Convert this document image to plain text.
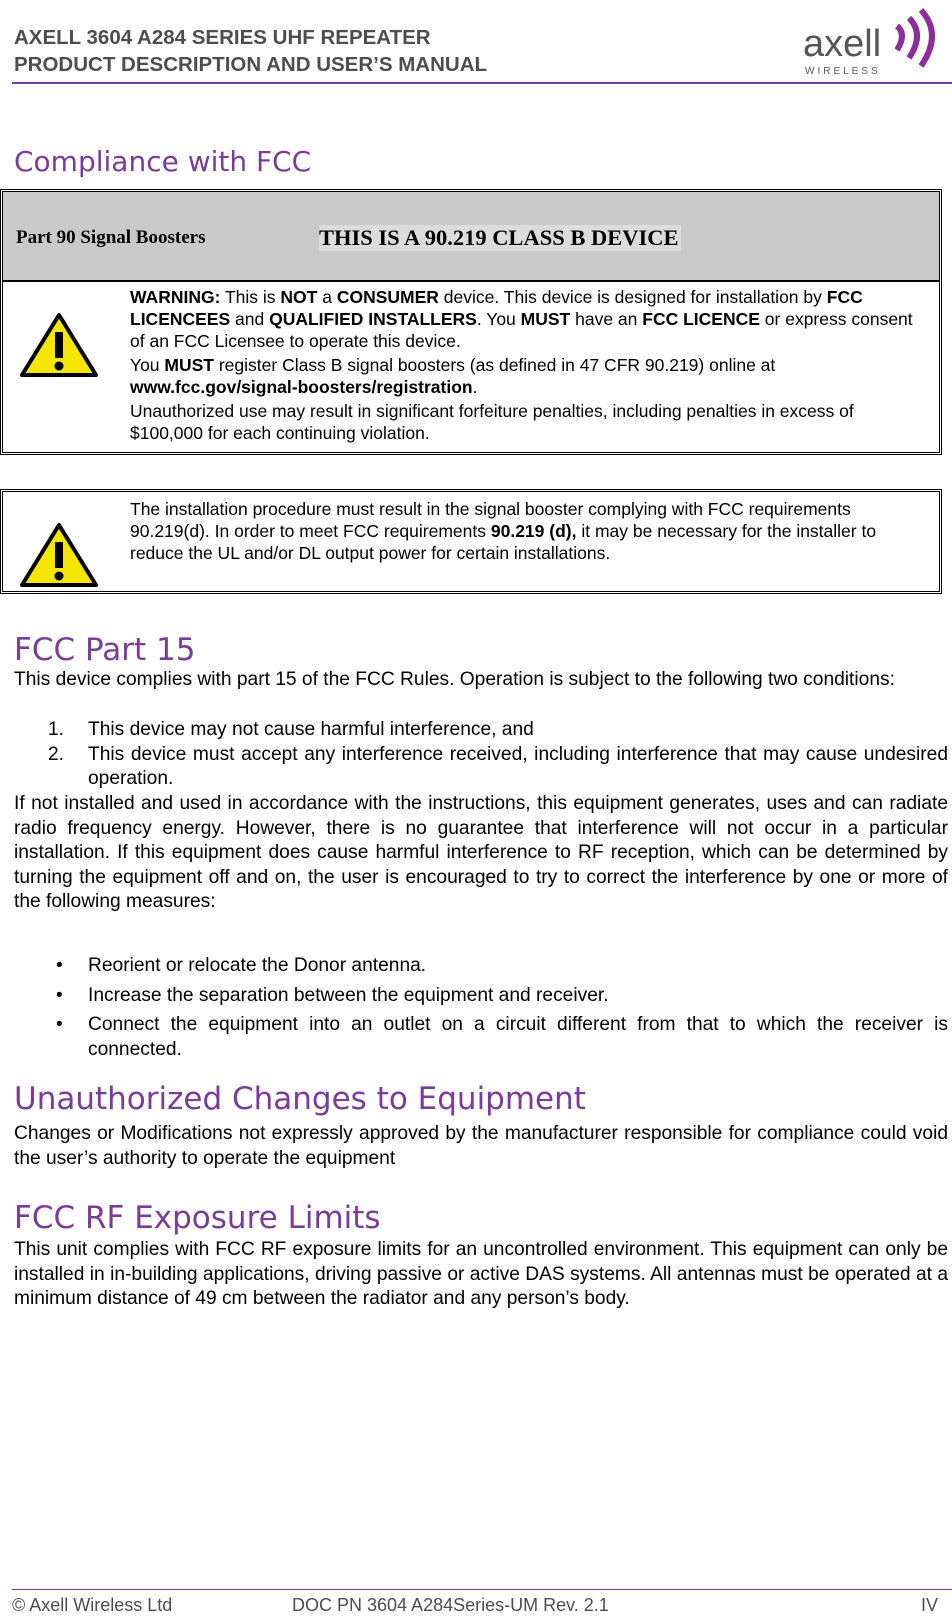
AXELL 3604 A284 SERIES UHF REPEATER
PRODUCT DESCRIPTION AND USER’S MANUAL	axell
WIRELESS
Compliance with FCC
Part 90 Signal Boosters	THIS IS A 90.219 CLASS B DEVICE

WARNING: This is NOT a CONSUMER device. This device is designed for installation by FCC LICENCEES and QUALIFIED INSTALLERS. You MUST have an FCC LICENCE or express consent of an FCC Licensee to operate this device.

You MUST register Class B signal boosters (as defined in 47 CFR 90.219) online at www.fcc.gov/signal-boosters/registration.

Unauthorized use may result in significant forfeiture penalties, including penalties in excess of $100,000 for each continuing violation.

The installation procedure must result in the signal booster complying with FCC requirements 90.219(d). In order to meet FCC requirements 90.219 (d), it may be necessary for the installer to reduce the UL and/or DL output power for certain installations.

FCC Part 15
This device complies with part 15 of the FCC Rules. Operation is subject to the following two conditions:
1. This device may not cause harmful interference, and
2. This device must accept any interference received, including interference that may cause undesired operation.
If not installed and used in accordance with the instructions, this equipment generates, uses and can radiate radio frequency energy. However, there is no guarantee that interference will not occur in a particular installation. If this equipment does cause harmful interference to RF reception, which can be determined by turning the equipment off and on, the user is encouraged to try to correct the interference by one or more of the following measures:
• Reorient or relocate the Donor antenna.
• Increase the separation between the equipment and receiver.
• Connect the equipment into an outlet on a circuit different from that to which the receiver is connected.
Unauthorized Changes to Equipment
Changes or Modifications not expressly approved by the manufacturer responsible for compliance could void the user’s authority to operate the equipment
FCC RF Exposure Limits
This unit complies with FCC RF exposure limits for an uncontrolled environment. This equipment can only be installed in in-building applications, driving passive or active DAS systems. All antennas must be operated at a minimum distance of 49 cm between the radiator and any person’s body.
© Axell Wireless Ltd	DOC PN 3604 A284Series-UM Rev. 2.1	IV
